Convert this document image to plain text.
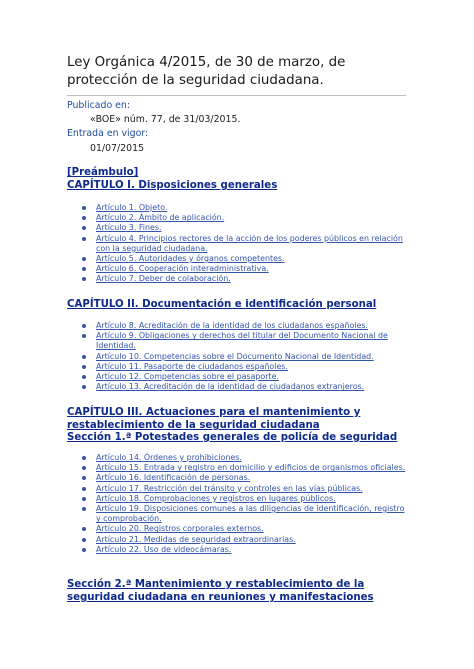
Ley Orgánica 4/2015, de 30 de marzo, de protección de la seguridad ciudadana.
Publicado en:
«BOE» núm. 77, de 31/03/2015.
Entrada en vigor:
01/07/2015
[Preámbulo]
CAPÍTULO I. Disposiciones generales
Artículo 1. Objeto.
Artículo 2. Ámbito de aplicación.
Artículo 3. Fines.
Artículo 4. Principios rectores de la acción de los poderes públicos en relación con la seguridad ciudadana.
Artículo 5. Autoridades y órganos competentes.
Artículo 6. Cooperación interadministrativa.
Artículo 7. Deber de colaboración.
CAPÍTULO II. Documentación e identificación personal
Artículo 8. Acreditación de la identidad de los ciudadanos españoles.
Artículo 9. Obligaciones y derechos del titular del Documento Nacional de Identidad.
Artículo 10. Competencias sobre el Documento Nacional de Identidad.
Artículo 11. Pasaporte de ciudadanos españoles.
Artículo 12. Competencias sobre el pasaporte.
Artículo 13. Acreditación de la identidad de ciudadanos extranjeros.
CAPÍTULO III. Actuaciones para el mantenimiento y restablecimiento de la seguridad ciudadana
Sección 1.ª Potestades generales de policía de seguridad
Artículo 14. Órdenes y prohibiciones.
Artículo 15. Entrada y registro en domicilio y edificios de organismos oficiales.
Artículo 16. Identificación de personas.
Artículo 17. Restricción del tránsito y controles en las vías públicas.
Artículo 18. Comprobaciones y registros en lugares públicos.
Artículo 19. Disposiciones comunes a las diligencias de identificación, registro y comprobación.
Artículo 20. Registros corporales externos.
Artículo 21. Medidas de seguridad extraordinarias.
Artículo 22. Uso de videocámaras.
Sección 2.ª Mantenimiento y restablecimiento de la seguridad ciudadana en reuniones y manifestaciones
